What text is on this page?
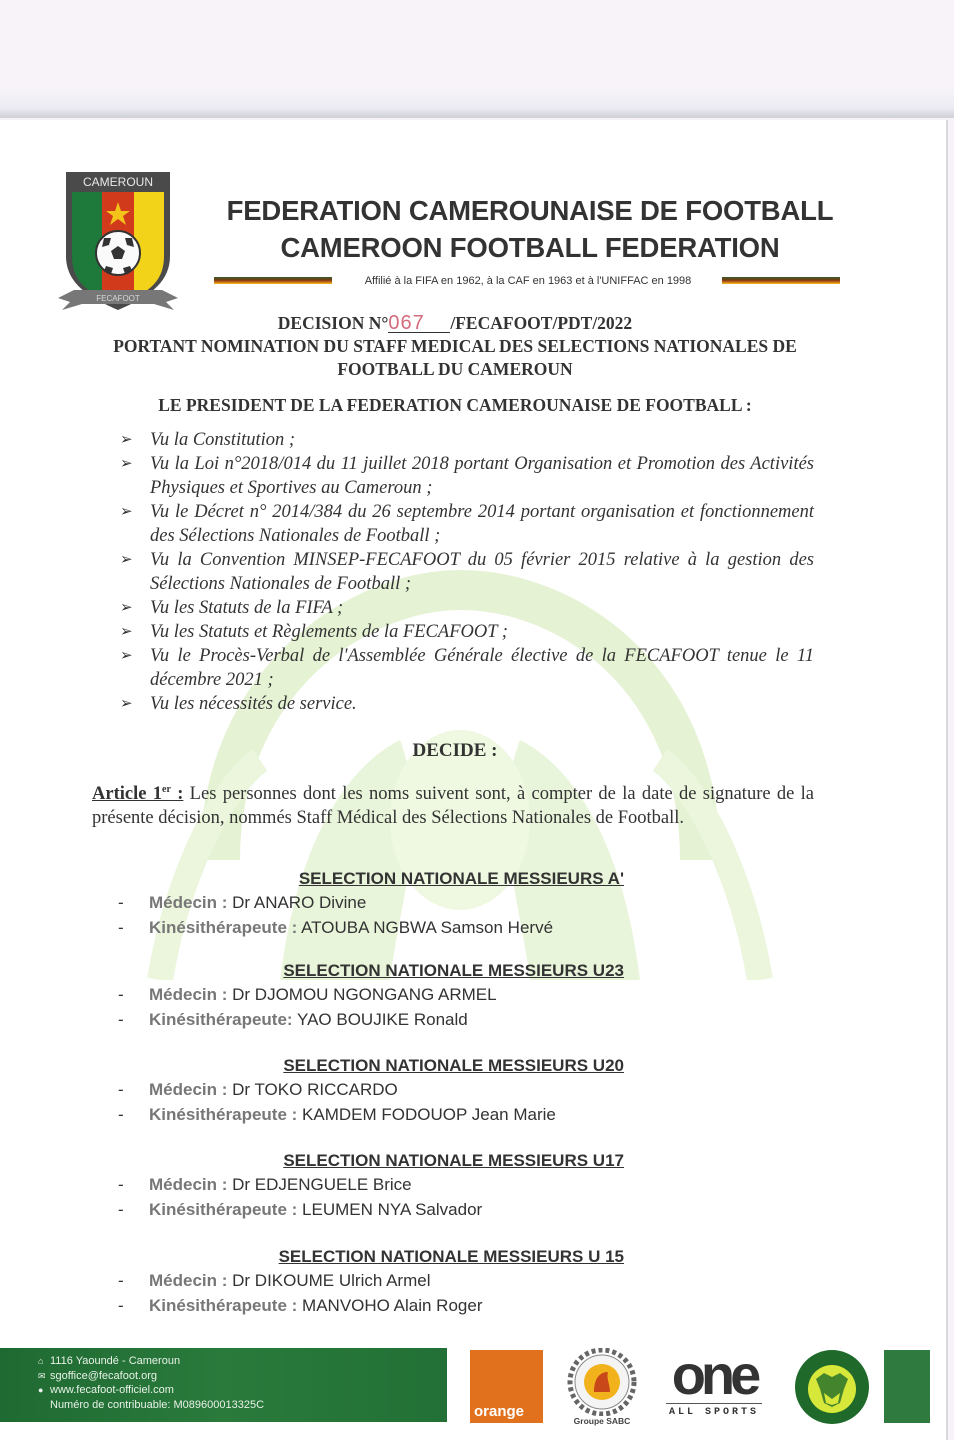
CAMEROUN
FECAFOOT
FEDERATION CAMEROUNAISE DE FOOTBALL
CAMEROON FOOTBALL FEDERATION
Affilié à la FIFA en 1962, à la CAF en 1963 et à l'UNIFFAC en 1998
DECISION N°067 /FECAFOOT/PDT/2022
PORTANT NOMINATION DU STAFF MEDICAL DES SELECTIONS NATIONALES DE
FOOTBALL DU CAMEROUN
LE PRESIDENT DE LA FEDERATION CAMEROUNAISE DE FOOTBALL :
➢ Vu la Constitution ;
➢ Vu la Loi n°2018/014 du 11 juillet 2018 portant Organisation et Promotion des Activités Physiques et Sportives au Cameroun ;
➢ Vu le Décret n° 2014/384 du 26 septembre 2014 portant organisation et fonctionnement des Sélections Nationales de Football ;
➢ Vu la Convention MINSEP-FECAFOOT du 05 février 2015 relative à la gestion des Sélections Nationales de Football ;
➢ Vu les Statuts de la FIFA ;
➢ Vu les Statuts et Règlements de la FECAFOOT ;
➢ Vu le Procès-Verbal de l'Assemblée Générale élective de la FECAFOOT tenue le 11 décembre 2021 ;
➢ Vu les nécessités de service.
DECIDE :
Article 1er : Les personnes dont les noms suivent sont, à compter de la date de signature de la présente décision, nommés Staff Médical des Sélections Nationales de Football.
SELECTION NATIONALE MESSIEURS A'
- Médecin : Dr ANARO Divine
- Kinésithérapeute : ATOUBA NGBWA Samson Hervé
SELECTION NATIONALE MESSIEURS U23
- Médecin : Dr DJOMOU NGONGANG ARMEL
- Kinésithérapeute: YAO BOUJIKE Ronald
SELECTION NATIONALE MESSIEURS U20
- Médecin : Dr TOKO RICCARDO
- Kinésithérapeute : KAMDEM FODOUOP Jean Marie
SELECTION NATIONALE MESSIEURS U17
- Médecin : Dr EDJENGUELE Brice
- Kinésithérapeute : LEUMEN NYA Salvador
SELECTION NATIONALE MESSIEURS U 15
- Médecin : Dr DIKOUME Ulrich Armel
- Kinésithérapeute : MANVOHO Alain Roger
⌂ 1116 Yaoundé - Cameroun
✉ sgoffice@fecafoot.org
● www.fecafoot-officiel.com
Numéro de contribuable: M089600013325C	orange
Groupe SABC
one
ALL SPORTS
